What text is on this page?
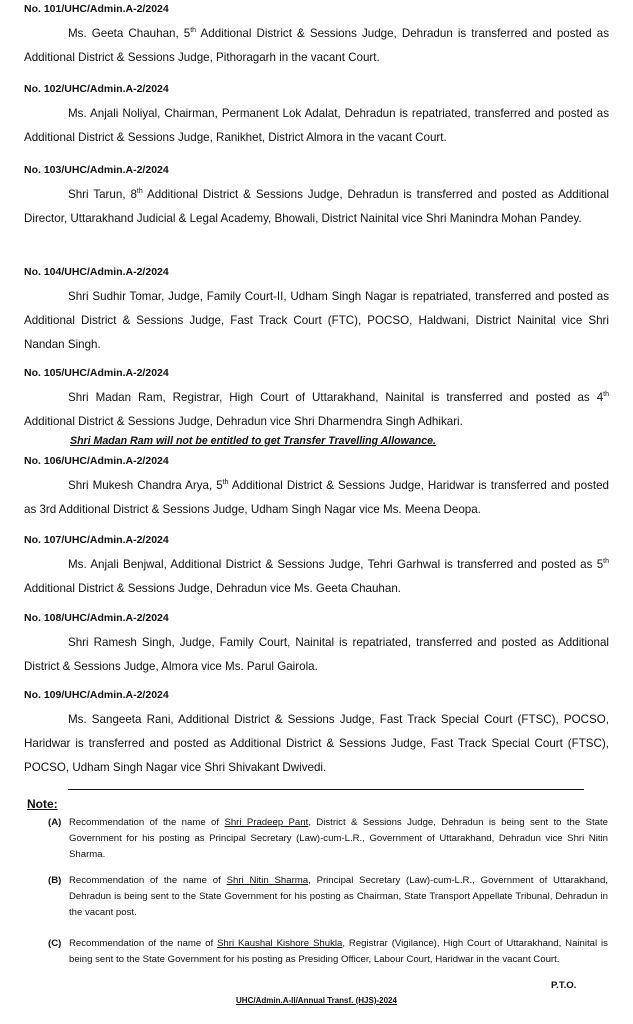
No. 101/UHC/Admin.A-2/2024
Ms. Geeta Chauhan, 5th Additional District & Sessions Judge, Dehradun is transferred and posted as Additional District & Sessions Judge, Pithoragarh in the vacant Court.
No. 102/UHC/Admin.A-2/2024
Ms. Anjali Noliyal, Chairman, Permanent Lok Adalat, Dehradun is repatriated, transferred and posted as Additional District & Sessions Judge, Ranikhet, District Almora in the vacant Court.
No. 103/UHC/Admin.A-2/2024
Shri Tarun, 8th Additional District & Sessions Judge, Dehradun is transferred and posted as Additional Director, Uttarakhand Judicial & Legal Academy, Bhowali, District Nainital vice Shri Manindra Mohan Pandey.
No. 104/UHC/Admin.A-2/2024
Shri Sudhir Tomar, Judge, Family Court-II, Udham Singh Nagar is repatriated, transferred and posted as Additional District & Sessions Judge, Fast Track Court (FTC), POCSO, Haldwani, District Nainital vice Shri Nandan Singh.
No. 105/UHC/Admin.A-2/2024
Shri Madan Ram, Registrar, High Court of Uttarakhand, Nainital is transferred and posted as 4th Additional District & Sessions Judge, Dehradun vice Shri Dharmendra Singh Adhikari.
Shri Madan Ram will not be entitled to get Transfer Travelling Allowance.
No. 106/UHC/Admin.A-2/2024
Shri Mukesh Chandra Arya, 5th Additional District & Sessions Judge, Haridwar is transferred and posted as 3rd Additional District & Sessions Judge, Udham Singh Nagar vice Ms. Meena Deopa.
No. 107/UHC/Admin.A-2/2024
Ms. Anjali Benjwal, Additional District & Sessions Judge, Tehri Garhwal is transferred and posted as 5th Additional District & Sessions Judge, Dehradun vice Ms. Geeta Chauhan.
No. 108/UHC/Admin.A-2/2024
Shri Ramesh Singh, Judge, Family Court, Nainital is repatriated, transferred and posted as Additional District & Sessions Judge, Almora vice Ms. Parul Gairola.
No. 109/UHC/Admin.A-2/2024
Ms. Sangeeta Rani, Additional District & Sessions Judge, Fast Track Special Court (FTSC), POCSO, Haridwar is transferred and posted as Additional District & Sessions Judge, Fast Track Special Court (FTSC), POCSO, Udham Singh Nagar vice Shri Shivakant Dwivedi.
Note:
(A) Recommendation of the name of Shri Pradeep Pant, District & Sessions Judge, Dehradun is being sent to the State Government for his posting as Principal Secretary (Law)-cum-L.R., Government of Uttarakhand, Dehradun vice Shri Nitin Sharma.
(B) Recommendation of the name of Shri Nitin Sharma, Principal Secretary (Law)-cum-L.R., Government of Uttarakhand, Dehradun is being sent to the State Government for his posting as Chairman, State Transport Appellate Tribunal, Dehradun in the vacant post.
(C) Recommendation of the name of Shri Kaushal Kishore Shukla, Registrar (Vigilance), High Court of Uttarakhand, Nainital is being sent to the State Government for his posting as Presiding Officer, Labour Court, Haridwar in the vacant Court.
P.T.O.
UHC/Admin.A-II/Annual Transf. (HJS)-2024
